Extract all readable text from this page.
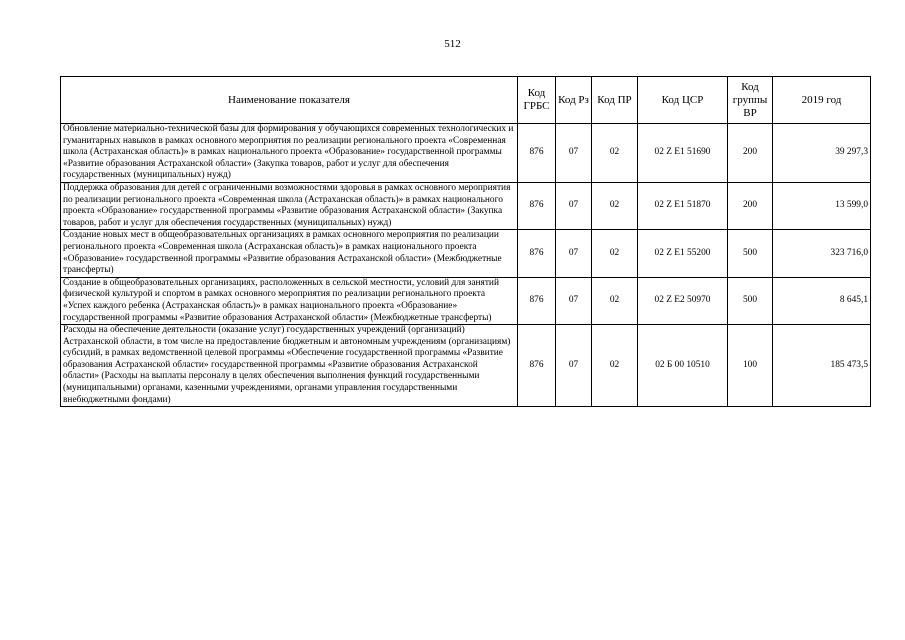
512
Наименование показателя	Код ГРБС	Код Рз	Код ПР	Код ЦСР	Код группы ВР	2019 год
Обновление материально-технической базы для формирования у обучающихся современных технологических и гуманитарных навыков в рамках основного мероприятия по реализации регионального проекта «Современная школа (Астраханская область)» в рамках национального проекта «Образование» государственной программы «Развитие образования Астраханской области» (Закупка товаров, работ и услуг для обеспечения государственных (муниципальных) нужд)	876	07	02	02 Z E1 51690	200	39 297,3
Поддержка образования для детей с ограниченными возможностями здоровья в рамках основного мероприятия по реализации регионального проекта «Современная школа (Астраханская область)» в рамках национального проекта «Образование» государственной программы «Развитие образования Астраханской области» (Закупка товаров, работ и услуг для обеспечения государственных (муниципальных) нужд)	876	07	02	02 Z E1 51870	200	13 599,0
Создание новых мест в общеобразовательных организациях в рамках основного мероприятия по реализации регионального проекта «Современная школа (Астраханская область)» в рамках национального проекта «Образование» государственной программы «Развитие образования Астраханской области» (Межбюджетные трансферты)	876	07	02	02 Z E1 55200	500	323 716,0
Создание в общеобразовательных организациях, расположенных в сельской местности, условий для занятий физической культурой и спортом в рамках основного мероприятия по реализации регионального проекта «Успех каждого ребенка (Астраханская область)» в рамках национального проекта «Образование» государственной программы «Развитие образования Астраханской области» (Межбюджетные трансферты)	876	07	02	02 Z E2 50970	500	8 645,1
Расходы на обеспечение деятельности (оказание услуг) государственных учреждений (организаций) Астраханской области, в том числе на предоставление бюджетным и автономным учреждениям (организациям) субсидий, в рамках ведомственной целевой программы «Обеспечение государственной программы «Развитие образования Астраханской области» государственной программы «Развитие образования Астраханской области» (Расходы на выплаты персоналу в целях обеспечения выполнения функций государственными (муниципальными) органами, казенными учреждениями, органами управления государственными внебюджетными фондами)	876	07	02	02 Б 00 10510	100	185 473,5
